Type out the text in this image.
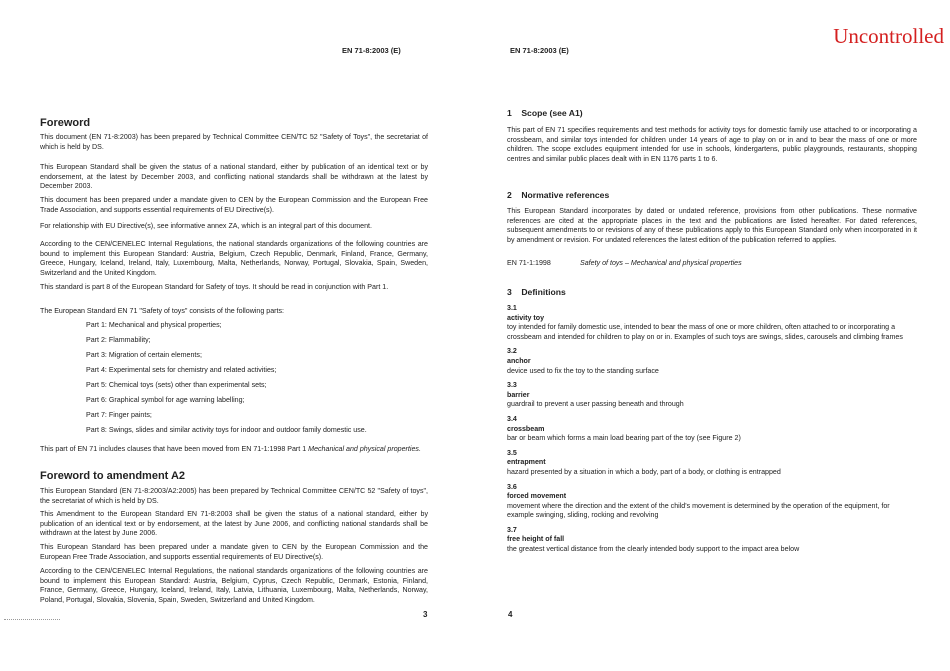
Uncontrolled
EN 71-8:2003 (E)
Foreword
This document (EN 71-8:2003) has been prepared by Technical Committee CEN/TC 52 "Safety of Toys", the secretariat of which is held by DS.
This European Standard shall be given the status of a national standard, either by publication of an identical text or by endorsement, at the latest by December 2003, and conflicting national standards shall be withdrawn at the latest by December 2003.
This document has been prepared under a mandate given to CEN by the European Commission and the European Free Trade Association, and supports essential requirements of EU Directive(s).
For relationship with EU Directive(s), see informative annex ZA, which is an integral part of this document.
According to the CEN/CENELEC Internal Regulations, the national standards organizations of the following countries are bound to implement this European Standard: Austria, Belgium, Czech Republic, Denmark, Finland, France, Germany, Greece, Hungary, Iceland, Ireland, Italy, Luxembourg, Malta, Netherlands, Norway, Portugal, Slovakia, Spain, Sweden, Switzerland and the United Kingdom.
This standard is part 8 of the European Standard for Safety of toys. It should be read in conjunction with Part 1.
The European Standard EN 71 "Safety of toys" consists of the following parts:
Part 1: Mechanical and physical properties;
Part 2: Flammability;
Part 3: Migration of certain elements;
Part 4: Experimental sets for chemistry and related activities;
Part 5: Chemical toys (sets) other than experimental sets;
Part 6: Graphical symbol for age warning labelling;
Part 7: Finger paints;
Part 8: Swings, slides and similar activity toys for indoor and outdoor family domestic use.
This part of EN 71 includes clauses that have been moved from EN 71-1:1998 Part 1 Mechanical and physical properties.
Foreword to amendment A2
This European Standard (EN 71-8:2003/A2:2005) has been prepared by Technical Committee CEN/TC 52 "Safety of toys", the secretariat of which is held by DS.
This Amendment to the European Standard EN 71-8:2003 shall be given the status of a national standard, either by publication of an identical text or by endorsement, at the latest by June 2006, and conflicting national standards shall be withdrawn at the latest by June 2006.
This European Standard has been prepared under a mandate given to CEN by the European Commission and the European Free Trade Association, and supports essential requirements of EU Directive(s).
According to the CEN/CENELEC Internal Regulations, the national standards organizations of the following countries are bound to implement this European Standard: Austria, Belgium, Cyprus, Czech Republic, Denmark, Estonia, Finland, France, Germany, Greece, Hungary, Iceland, Ireland, Italy, Latvia, Lithuania, Luxembourg, Malta, Netherlands, Norway, Poland, Portugal, Slovakia, Slovenia, Spain, Sweden, Switzerland and United Kingdom.
3
EN 71-8:2003 (E)
1    Scope (see A1)
This part of EN 71 specifies requirements and test methods for activity toys for domestic family use attached to or incorporating a crossbeam, and similar toys intended for children under 14 years of age to play on or in and to bear the mass of one or more children. The scope excludes equipment intended for use in schools, kindergartens, public playgrounds, restaurants, shopping centres and similar public places dealt with in EN 1176 parts 1 to 6.
2    Normative references
This European Standard incorporates by dated or undated reference, provisions from other publications. These normative references are cited at the appropriate places in the text and the publications are listed hereafter. For dated references, subsequent amendments to or revisions of any of these publications apply to this European Standard only when incorporated in it by amendment or revision. For undated references the latest edition of the publication referred to applies.
EN 71-1:1998	Safety of toys – Mechanical and physical properties
3    Definitions
3.1
activity toy
toy intended for family domestic use, intended to bear the mass of one or more children, often attached to or incorporating a crossbeam and intended for children to play on or in. Examples of such toys are swings, slides, carousels and climbing frames
3.2
anchor
device used to fix the toy to the standing surface
3.3
barrier
guardrail to prevent a user passing beneath and through
3.4
crossbeam
bar or beam which forms a main load bearing part of the toy (see Figure 2)
3.5
entrapment
hazard presented by a situation in which a body, part of a body, or clothing is entrapped
3.6
forced movement
movement where the direction and the extent of the child's movement is determined by the operation of the equipment, for example swinging, sliding, rocking and revolving
3.7
free height of fall
the greatest vertical distance from the clearly intended body support to the impact area below
4
